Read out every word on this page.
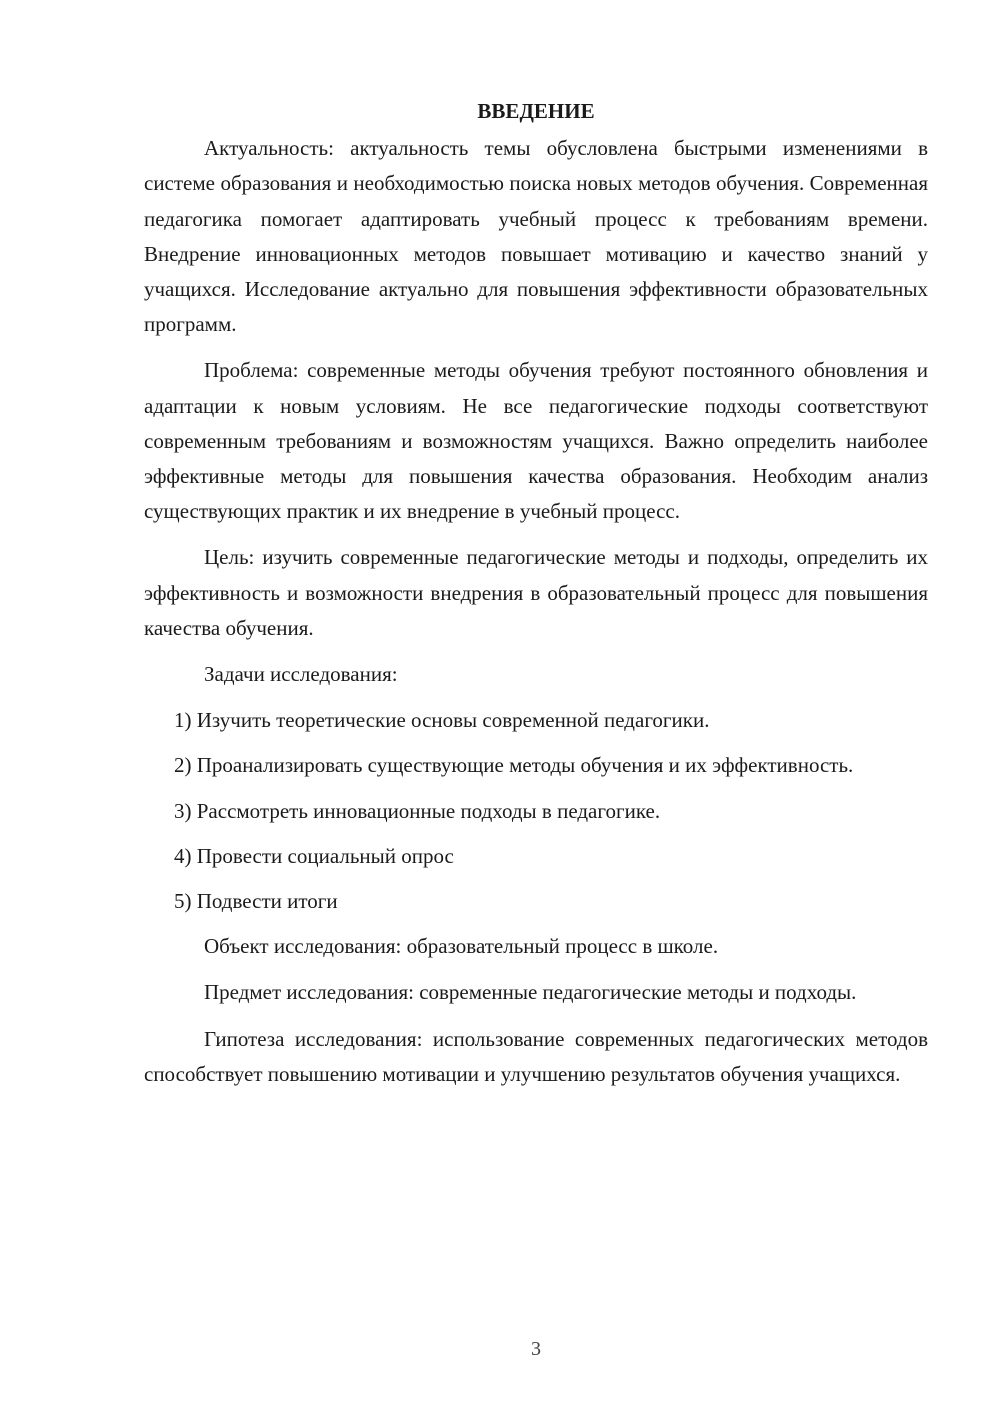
ВВЕДЕНИЕ

Актуальность: актуальность темы обусловлена быстрыми изменениями в системе образования и необходимостью поиска новых методов обучения. Современная педагогика помогает адаптировать учебный процесс к требованиям времени. Внедрение инновационных методов повышает мотивацию и качество знаний у учащихся. Исследование актуально для повышения эффективности образовательных программ.

Проблема: современные методы обучения требуют постоянного обновления и адаптации к новым условиям. Не все педагогические подходы соответствуют современным требованиям и возможностям учащихся. Важно определить наиболее эффективные методы для повышения качества образования. Необходим анализ существующих практик и их внедрение в учебный процесс.

Цель: изучить современные педагогические методы и подходы, определить их эффективность и возможности внедрения в образовательный процесс для повышения качества обучения.

Задачи исследования:

1) Изучить теоретические основы современной педагогики.

2) Проанализировать существующие методы обучения и их эффективность.

3) Рассмотреть инновационные подходы в педагогике.

4) Провести социальный опрос

5) Подвести итоги

Объект исследования: образовательный процесс в школе.

Предмет исследования: современные педагогические методы и подходы.

Гипотеза исследования: использование современных педагогических методов способствует повышению мотивации и улучшению результатов обучения учащихся.

3
